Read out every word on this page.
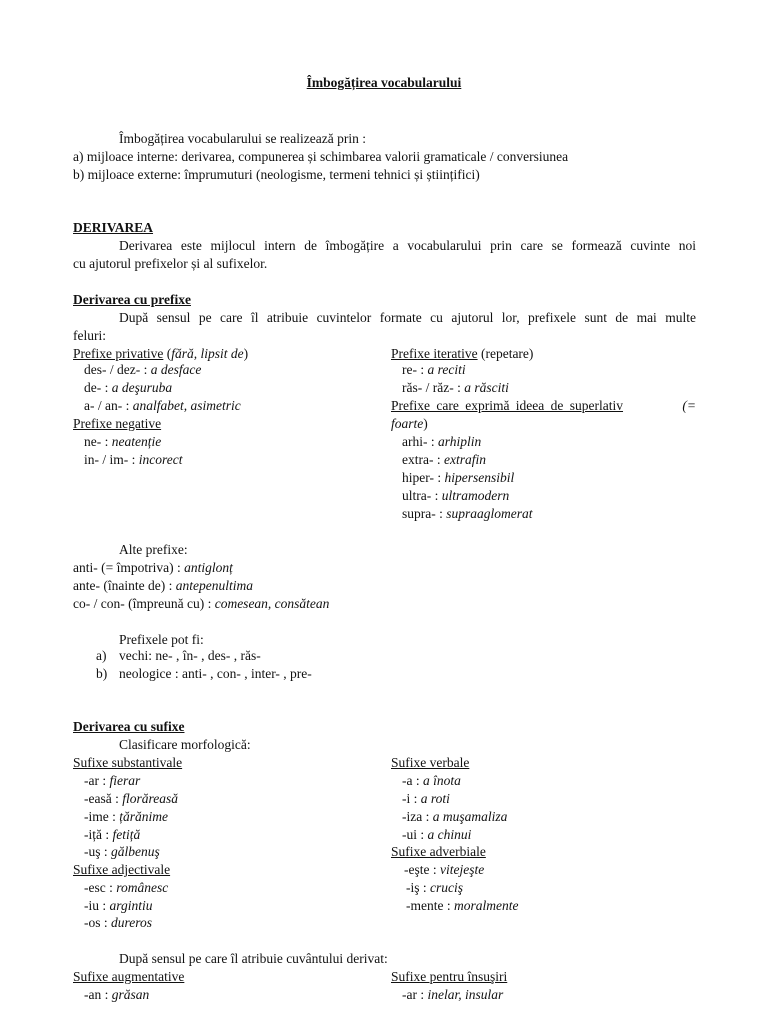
Îmbogățirea vocabularului
Îmbogățirea vocabularului se realizează prin :
a) mijloace interne: derivarea, compunerea și schimbarea valorii gramaticale / conversiunea
b) mijloace externe: împrumuturi (neologisme, termeni tehnici și științifici)
DERIVAREA
Derivarea este mijlocul intern de îmbogățire a vocabularului prin care se formează cuvinte noi
cu ajutorul prefixelor și al sufixelor.
Derivarea cu prefixe
După sensul pe care îl atribuie cuvintelor formate cu ajutorul lor, prefixele sunt de mai multe
feluri:
Prefixe privative (fără, lipsit de)
des- / dez- : a desface
de- : a deşuruba
a- / an- : analfabet, asimetric
Prefixe negative
ne- : neatenție
in- / im- : incorect
Prefixe iterative (repetare)
re- : a reciti
răs- / răz- : a răsciti
Prefixe care exprimă ideea de superlativ	(=
foarte)
arhi- : arhiplin
extra- : extrafin
hiper- : hipersensibil
ultra- : ultramodern
supra- : supraaglomerat
Alte prefixe:
anti- (= împotriva) : antiglonț
ante- (înainte de) : antepenultima
co- / con- (împreună cu) : comesean, consătean
Prefixele pot fi:
a) vechi: ne- , în- , des- , răs-
b) neologice : anti- , con- , inter- , pre-
Derivarea cu sufixe
Clasificare morfologică:
Sufixe substantivale
-ar : fierar
-easă : florăreasă
-ime : țărănime
-iță : fetiță
-uş : gălbenuş
Sufixe adjectivale
-esc : românesc
-iu : argintiu
-os : dureros
Sufixe verbale
-a : a înota
-i : a roti
-iza : a muşamaliza
-ui : a chinui
Sufixe adverbiale
-eşte : vitejeşte
-iş : cruciş
-mente : moralmente
După sensul pe care îl atribuie cuvântului derivat:
Sufixe augmentative
-an : grăsan
Sufixe pentru însuşiri
-ar : inelar, insular
